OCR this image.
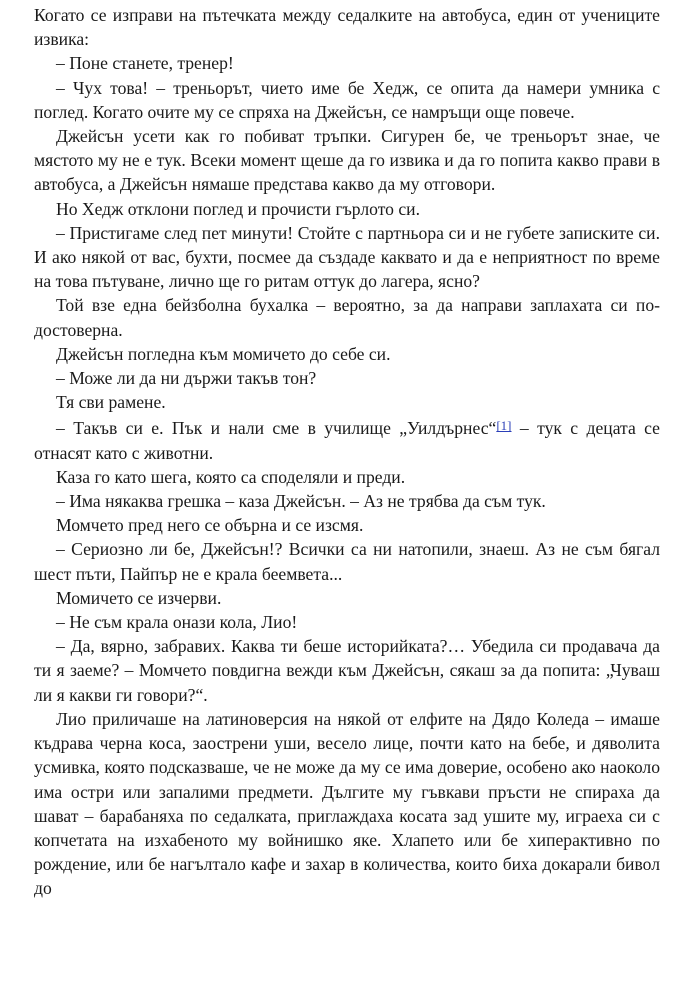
Когато се изправи на пътечката между седалките на автобуса, един от учениците извика:

– Поне станете, тренер!

– Чух това! – треньорът, чието име бе Хедж, се опита да намери умника с поглед. Когато очите му се спряха на Джейсън, се намръщи още повече.

Джейсън усети как го побиват тръпки. Сигурен бе, че треньорът знае, че мястото му не е тук. Всеки момент щеше да го извика и да го попита какво прави в автобуса, а Джейсън нямаше представа какво да му отговори.

Но Хедж отклони поглед и прочисти гърлото си.

– Пристигаме след пет минути! Стойте с партньора си и не губете записките си. И ако някой от вас, бухти, посмее да създаде каквато и да е неприятност по време на това пътуване, лично ще го ритам оттук до лагера, ясно?

Той взе една бейзболна бухалка – вероятно, за да направи заплахата си по-достоверна.

Джейсън погледна към момичето до себе си.

– Може ли да ни държи такъв тон?

Тя сви рамене.

– Такъв си е. Пък и нали сме в училище „Уилдърнес“[1] – тук с децата се отнасят като с животни.

Каза го като шега, която са споделяли и преди.

– Има някаква грешка – каза Джейсън. – Аз не трябва да съм тук.

Момчето пред него се обърна и се изсмя.

– Сериозно ли бе, Джейсън!? Всички са ни натопили, знаеш. Аз не съм бягал шест пъти, Пайпър не е крала беемвета...

Момичето се изчерви.

– Не съм крала онази кола, Лио!

– Да, вярно, забравих. Каква ти беше историйката?… Убедила си продавача да ти я заеме? – Момчето повдигна вежди към Джейсън, сякаш за да попита: „Чуваш ли я какви ги говори?“.

Лио приличаше на латиноверсия на някой от елфите на Дядо Коледа – имаше къдрава черна коса, заострени уши, весело лице, почти като на бебе, и дяволита усмивка, която подсказваше, че не може да му се има доверие, особено ако наоколо има остри или запалими предмети. Дългите му гъвкави пръсти не спираха да шават – барабаняха по седалката, приглаждаха косата зад ушите му, играеха си с копчетата на изхабеното му войнишко яке. Хлапето или бе хиперактивно по рождение, или бе нагълтало кафе и захар в количества, които биха докарали бивол до
